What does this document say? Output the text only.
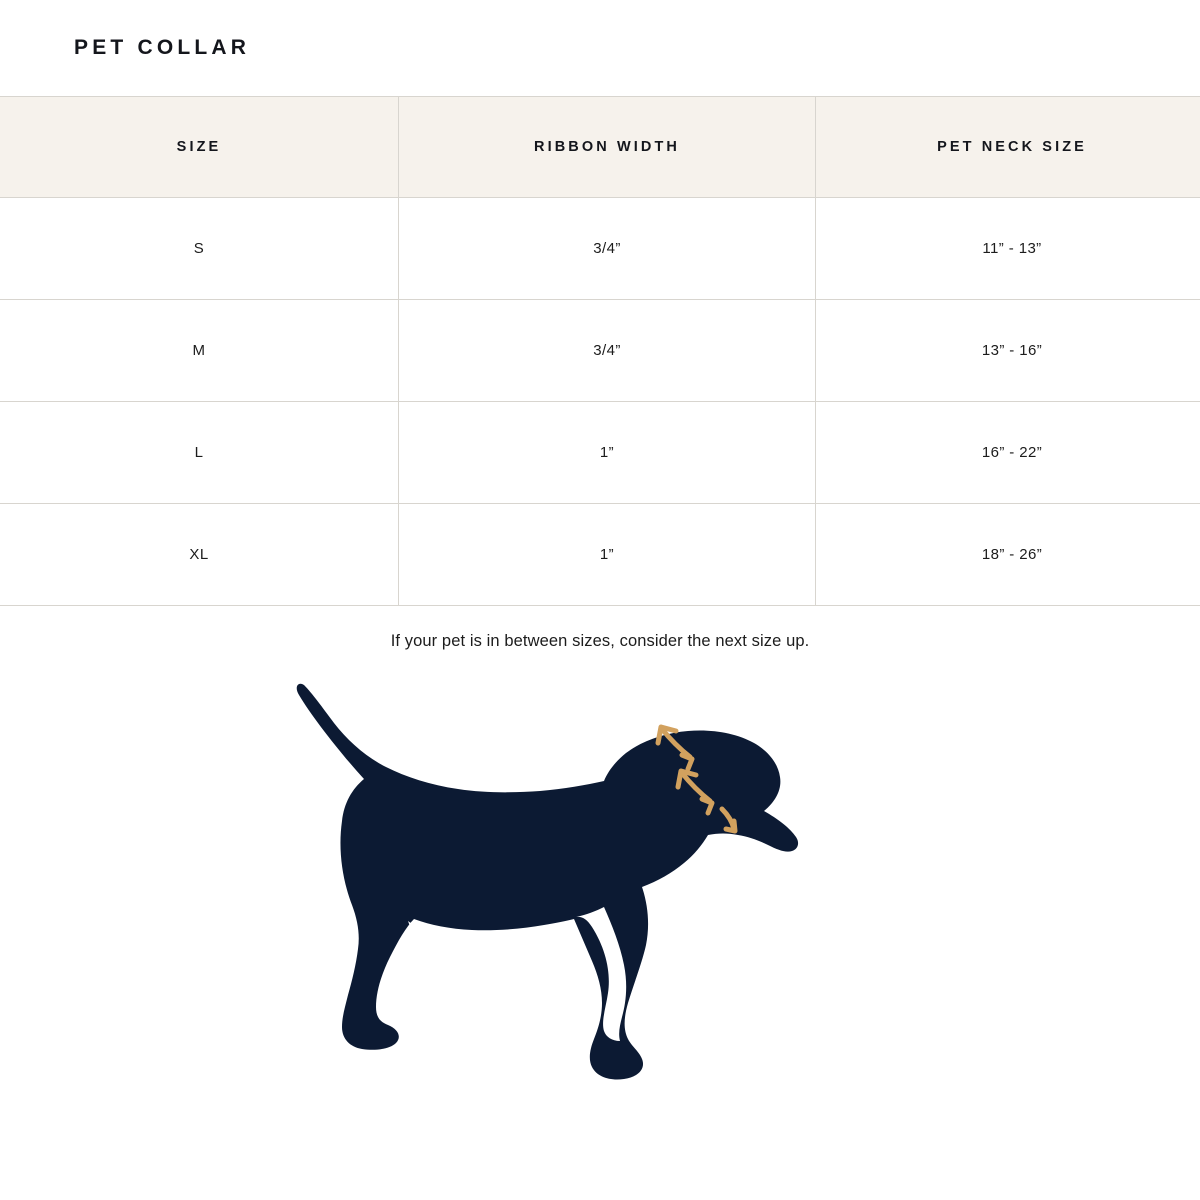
PET COLLAR
SIZE	RIBBON WIDTH	PET NECK SIZE
S	3/4”	11” - 13”
M	3/4”	13” - 16”
L	1”	16” - 22”
XL	1”	18” - 26”
If your pet is in between sizes, consider the next size up.
